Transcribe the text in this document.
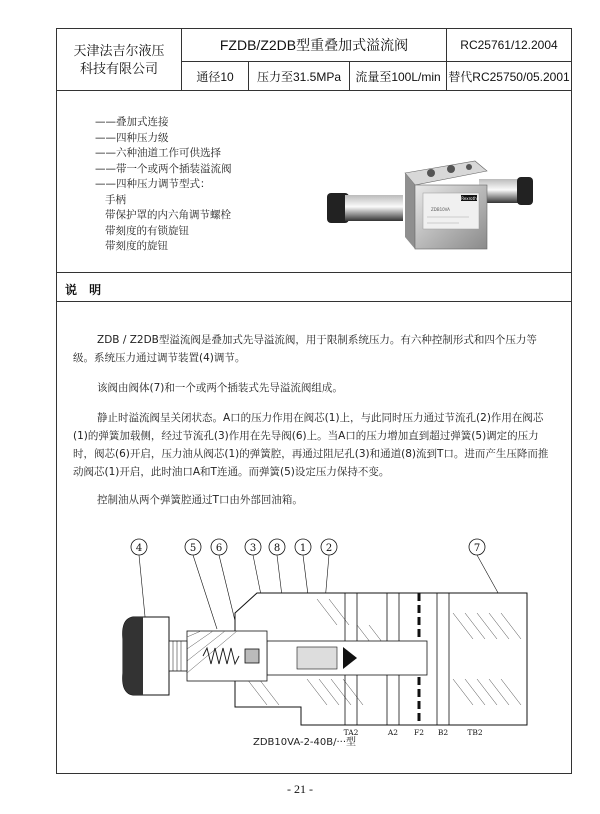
天津法吉尔液压
科技有限公司	FZDB/Z2DB型重叠加式溢流阀			RC25761/12.2004
	通径10	压力至31.5MPa	流量至100L/min	替代RC25750/05.2001
——叠加式连接
——四种压力级
——六种油道工作可供选择
——带一个或两个插装溢流阀
——四种压力调节型式：
手柄
带保护罩的内六角调节螺栓
带刻度的有锁旋钮
带刻度的旋钮
Rexroth
ZDB10VA
说 明

ZDB / Z2DB型溢流阀是叠加式先导溢流阀，用于限制系统压力。有六种控制形式和四个压力等级。系统压力通过调节装置(4)调节。

该阀由阀体(7)和一个或两个插装式先导溢流阀组成。

静止时溢流阀呈关闭状态。A口的压力作用在阀芯(1)上，与此同时压力通过节流孔(2)作用在阀芯(1)的弹簧加载侧，经过节流孔(3)作用在先导阀(6)上。当A口的压力增加直到超过弹簧(5)调定的压力时，阀芯(6)开启，压力油从阀芯(1)的弹簧腔，再通过阻尼孔(3)和通道(8)流到T口。进而产生压降而推动阀芯(1)开启，此时油口A和T连通。而弹簧(5)设定压力保持不变。

控制油从两个弹簧腔通过T口由外部回油箱。

4	5 6	3 8 1 2	7
TA2	A2 F2 B2	TB2
ZDB10VA-2-40B/···型
- 21 -
